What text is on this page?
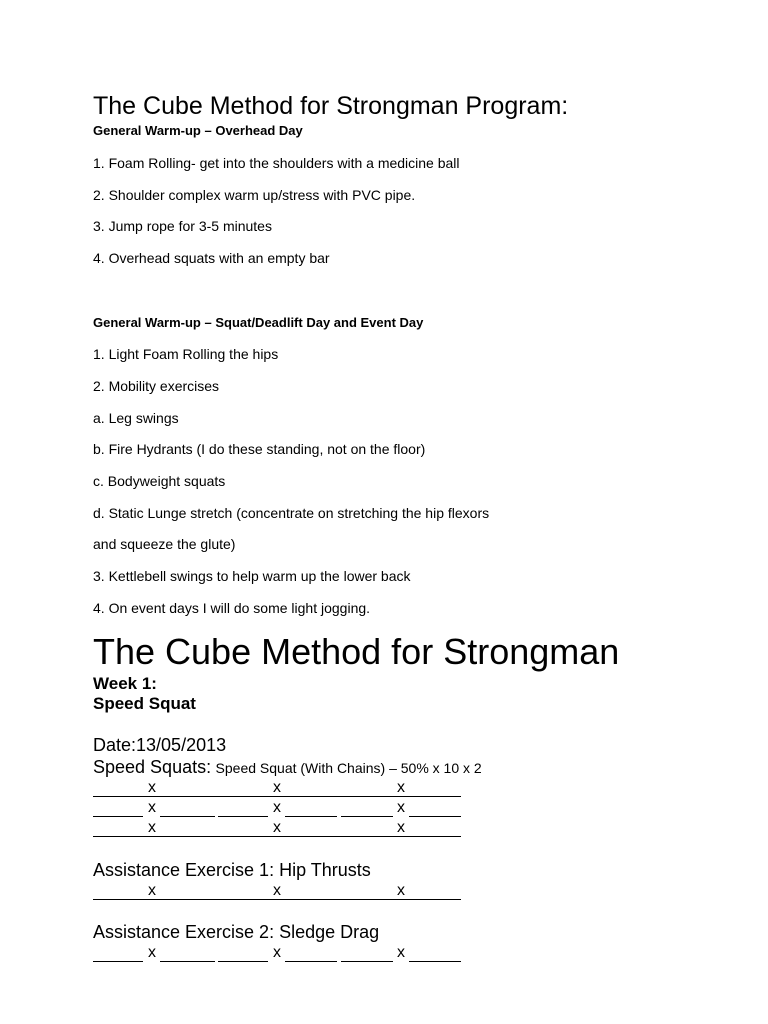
The Cube Method for Strongman Program:
General Warm-up – Overhead Day
1. Foam Rolling- get into the shoulders with a medicine ball
2. Shoulder complex warm up/stress with PVC pipe.
3. Jump rope for 3-5 minutes
4. Overhead squats with an empty bar
General Warm-up – Squat/Deadlift Day and Event Day
1. Light Foam Rolling the hips
2. Mobility exercises
a. Leg swings
b. Fire Hydrants (I do these standing, not on the floor)
c. Bodyweight squats
d. Static Lunge stretch (concentrate on stretching the hip flexors
and squeeze the glute)
3. Kettlebell swings to help warm up the lower back
4. On event days I will do some light jogging.
The Cube Method for Strongman
Week 1:
Speed Squat
Date:13/05/2013
Speed Squats: Speed Squat (With Chains) – 50% x 10 x 2
x	x	x
x	x	x
x	x	x
Assistance Exercise 1: Hip Thrusts
x	x	x
Assistance Exercise 2: Sledge Drag
x	x	x
